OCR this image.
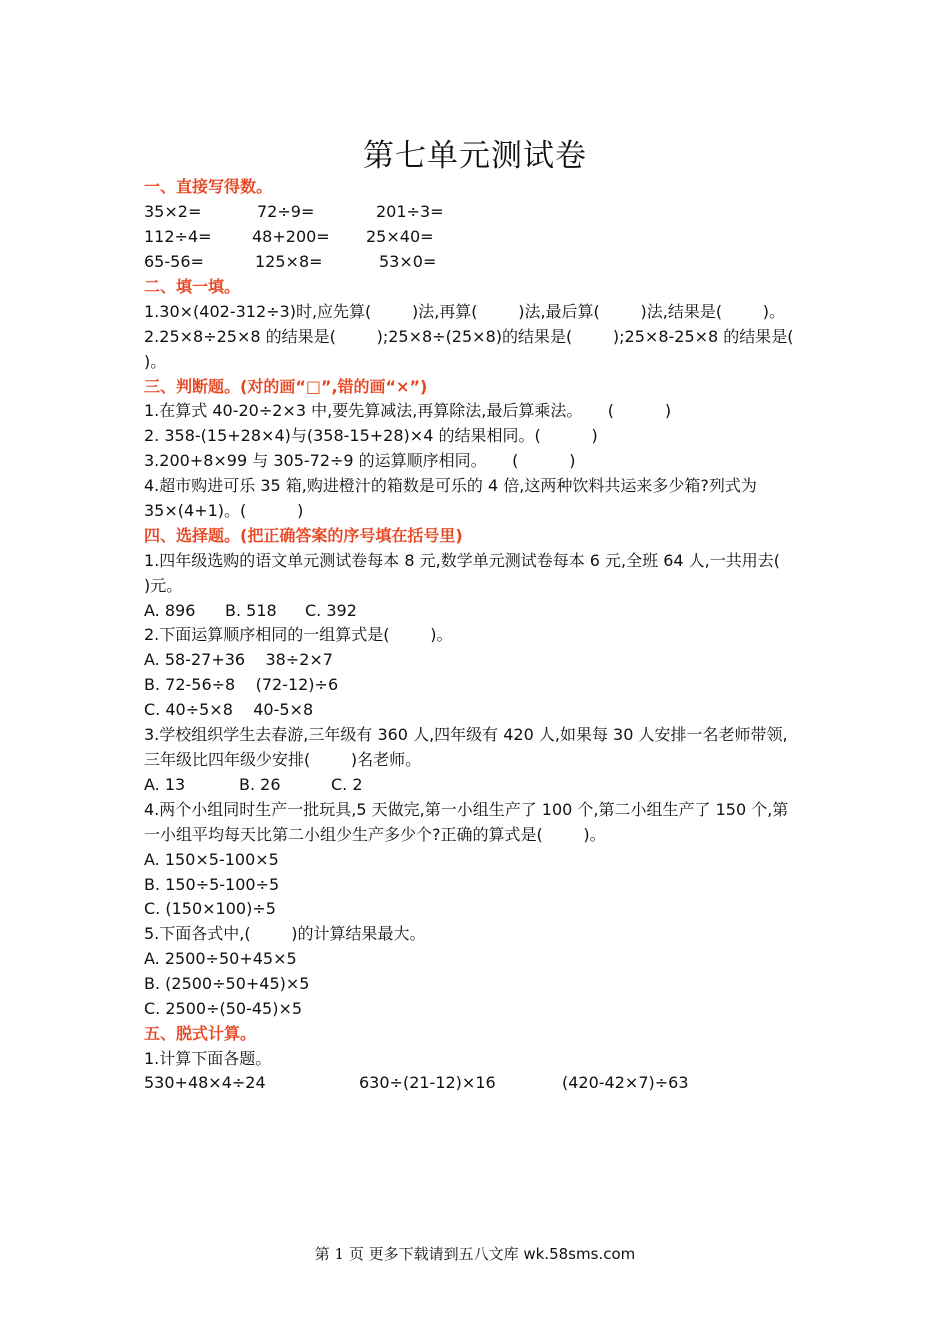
第七单元测试卷
一、直接写得数。

35×2=

	72÷9=

	201÷3=

112÷4=

	48+200=

25×40=

65-56=

	125×8=

	53×0=

二、填一填。
1.30×(402-312÷3)时,应先算(        )法,再算(        )法,最后算(        )法,结果是(        )。
2.25×8÷25×8 的结果是(        );25×8÷(25×8)的结果是(        );25×8-25×8 的结果是(
)。
三、判断题。(对的画“□”,错的画“×”)
1.在算式 40-20÷2×3 中,要先算减法,再算除法,最后算乘法。     (          )
2. 358-(15+28×4)与(358-15+28)×4 的结果相同。(          )
3.200+8×99 与 305-72÷9 的运算顺序相同。     (          )
4.超市购进可乐 35 箱,购进橙汁的箱数是可乐的 4 倍,这两种饮料共运来多少箱?列式为
35×(4+1)。(          )
四、选择题。(把正确答案的序号填在括号里)
1.四年级选购的语文单元测试卷每本 8 元,数学单元测试卷每本 6 元,全班 64 人,一共用去(
)元。

A. 896

B. 518

C. 392

2.下面运算顺序相同的一组算式是(        )。
A. 58-27+36    38÷2×7
B. 72-56÷8    (72-12)÷6
C. 40÷5×8    40-5×8
3.学校组织学生去春游,三年级有 360 人,四年级有 420 人,如果每 30 人安排一名老师带领,
三年级比四年级少安排(        )名老师。

A. 13

	B. 26

	C. 2

4.两个小组同时生产一批玩具,5 天做完,第一小组生产了 100 个,第二小组生产了 150 个,第
一小组平均每天比第二小组少生产多少个?正确的算式是(        )。
A. 150×5-100×5
B. 150÷5-100÷5
C. (150×100)÷5
5.下面各式中,(        )的计算结果最大。
A. 2500÷50+45×5
B. (2500÷50+45)×5
C. 2500÷(50-45)×5
五、脱式计算。
1.计算下面各题。

530+48×4÷24

	630÷(21-12)×16

	(420-42×7)÷63

第 1 页 更多下载请到五八文库 wk.58sms.com
